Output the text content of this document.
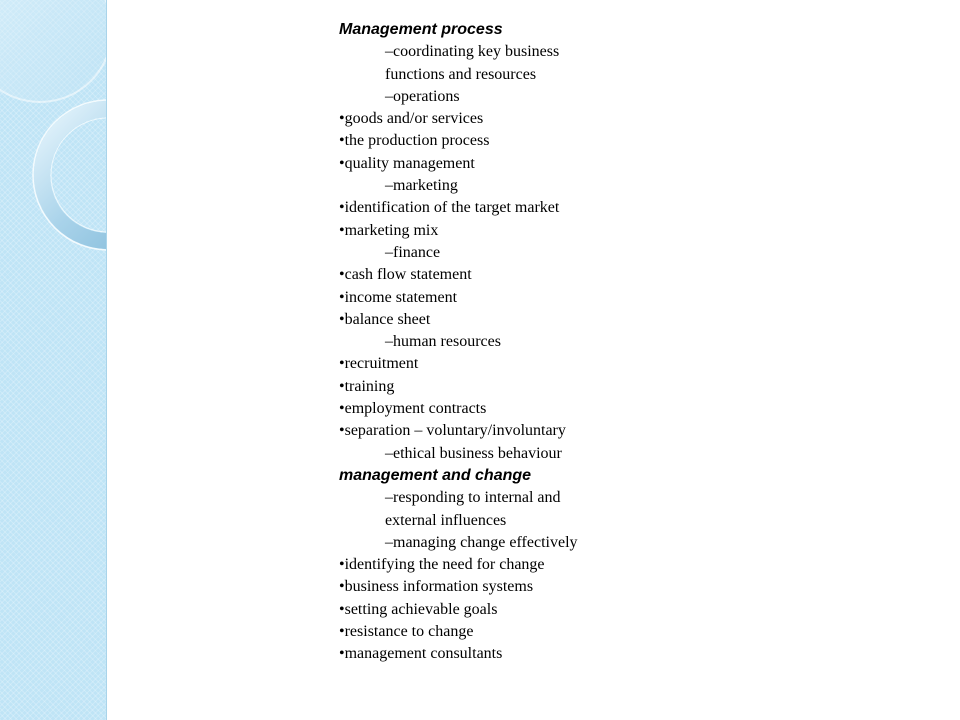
Management process
–coordinating key business
functions and resources
–operations
•goods and/or services
•the production process
•quality management
–marketing
•identification of the target market
•marketing mix
–finance
•cash flow statement
•income statement
•balance sheet
–human resources
•recruitment
•training
•employment contracts
•separation – voluntary/involuntary
–ethical business behaviour
management and change
–responding to internal and
external influences
–managing change effectively
•identifying the need for change
•business information systems
•setting achievable goals
•resistance to change
•management consultants
